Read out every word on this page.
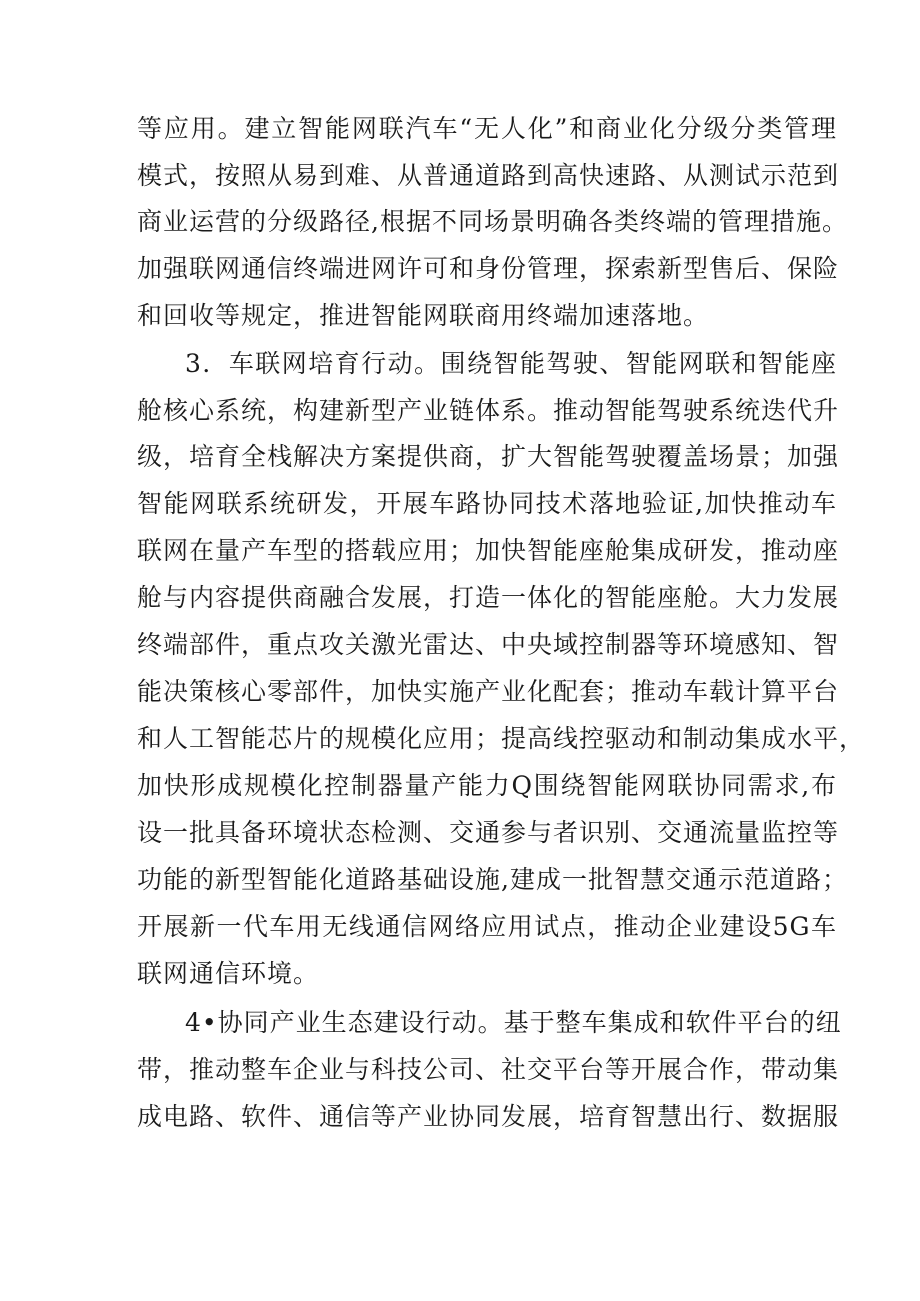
等应用。建立智能网联汽车“无人化”和商业化分级分类管理
模式，按照从易到难、从普通道路到高快速路、从测试示范到
商业运营的分级路径,根据不同场景明确各类终端的管理措施。
加强联网通信终端进网许可和身份管理，探索新型售后、保险
和回收等规定，推进智能网联商用终端加速落地。
3．车联网培育行动。围绕智能驾驶、智能网联和智能座
舱核心系统，构建新型产业链体系。推动智能驾驶系统迭代升
级，培育全栈解决方案提供商，扩大智能驾驶覆盖场景；加强
智能网联系统研发，开展车路协同技术落地验证,加快推动车
联网在量产车型的搭载应用；加快智能座舱集成研发，推动座
舱与内容提供商融合发展，打造一体化的智能座舱。大力发展
终端部件，重点攻关激光雷达、中央域控制器等环境感知、智
能决策核心零部件，加快实施产业化配套；推动车载计算平台
和人工智能芯片的规模化应用；提高线控驱动和制动集成水平，
加快形成规模化控制器量产能力Q围绕智能网联协同需求,布
设一批具备环境状态检测、交通参与者识别、交通流量监控等
功能的新型智能化道路基础设施,建成一批智慧交通示范道路；
开展新一代车用无线通信网络应用试点，推动企业建设5G车
联网通信环境。
4•协同产业生态建设行动。基于整车集成和软件平台的纽
带，推动整车企业与科技公司、社交平台等开展合作，带动集
成电路、软件、通信等产业协同发展，培育智慧出行、数据服
